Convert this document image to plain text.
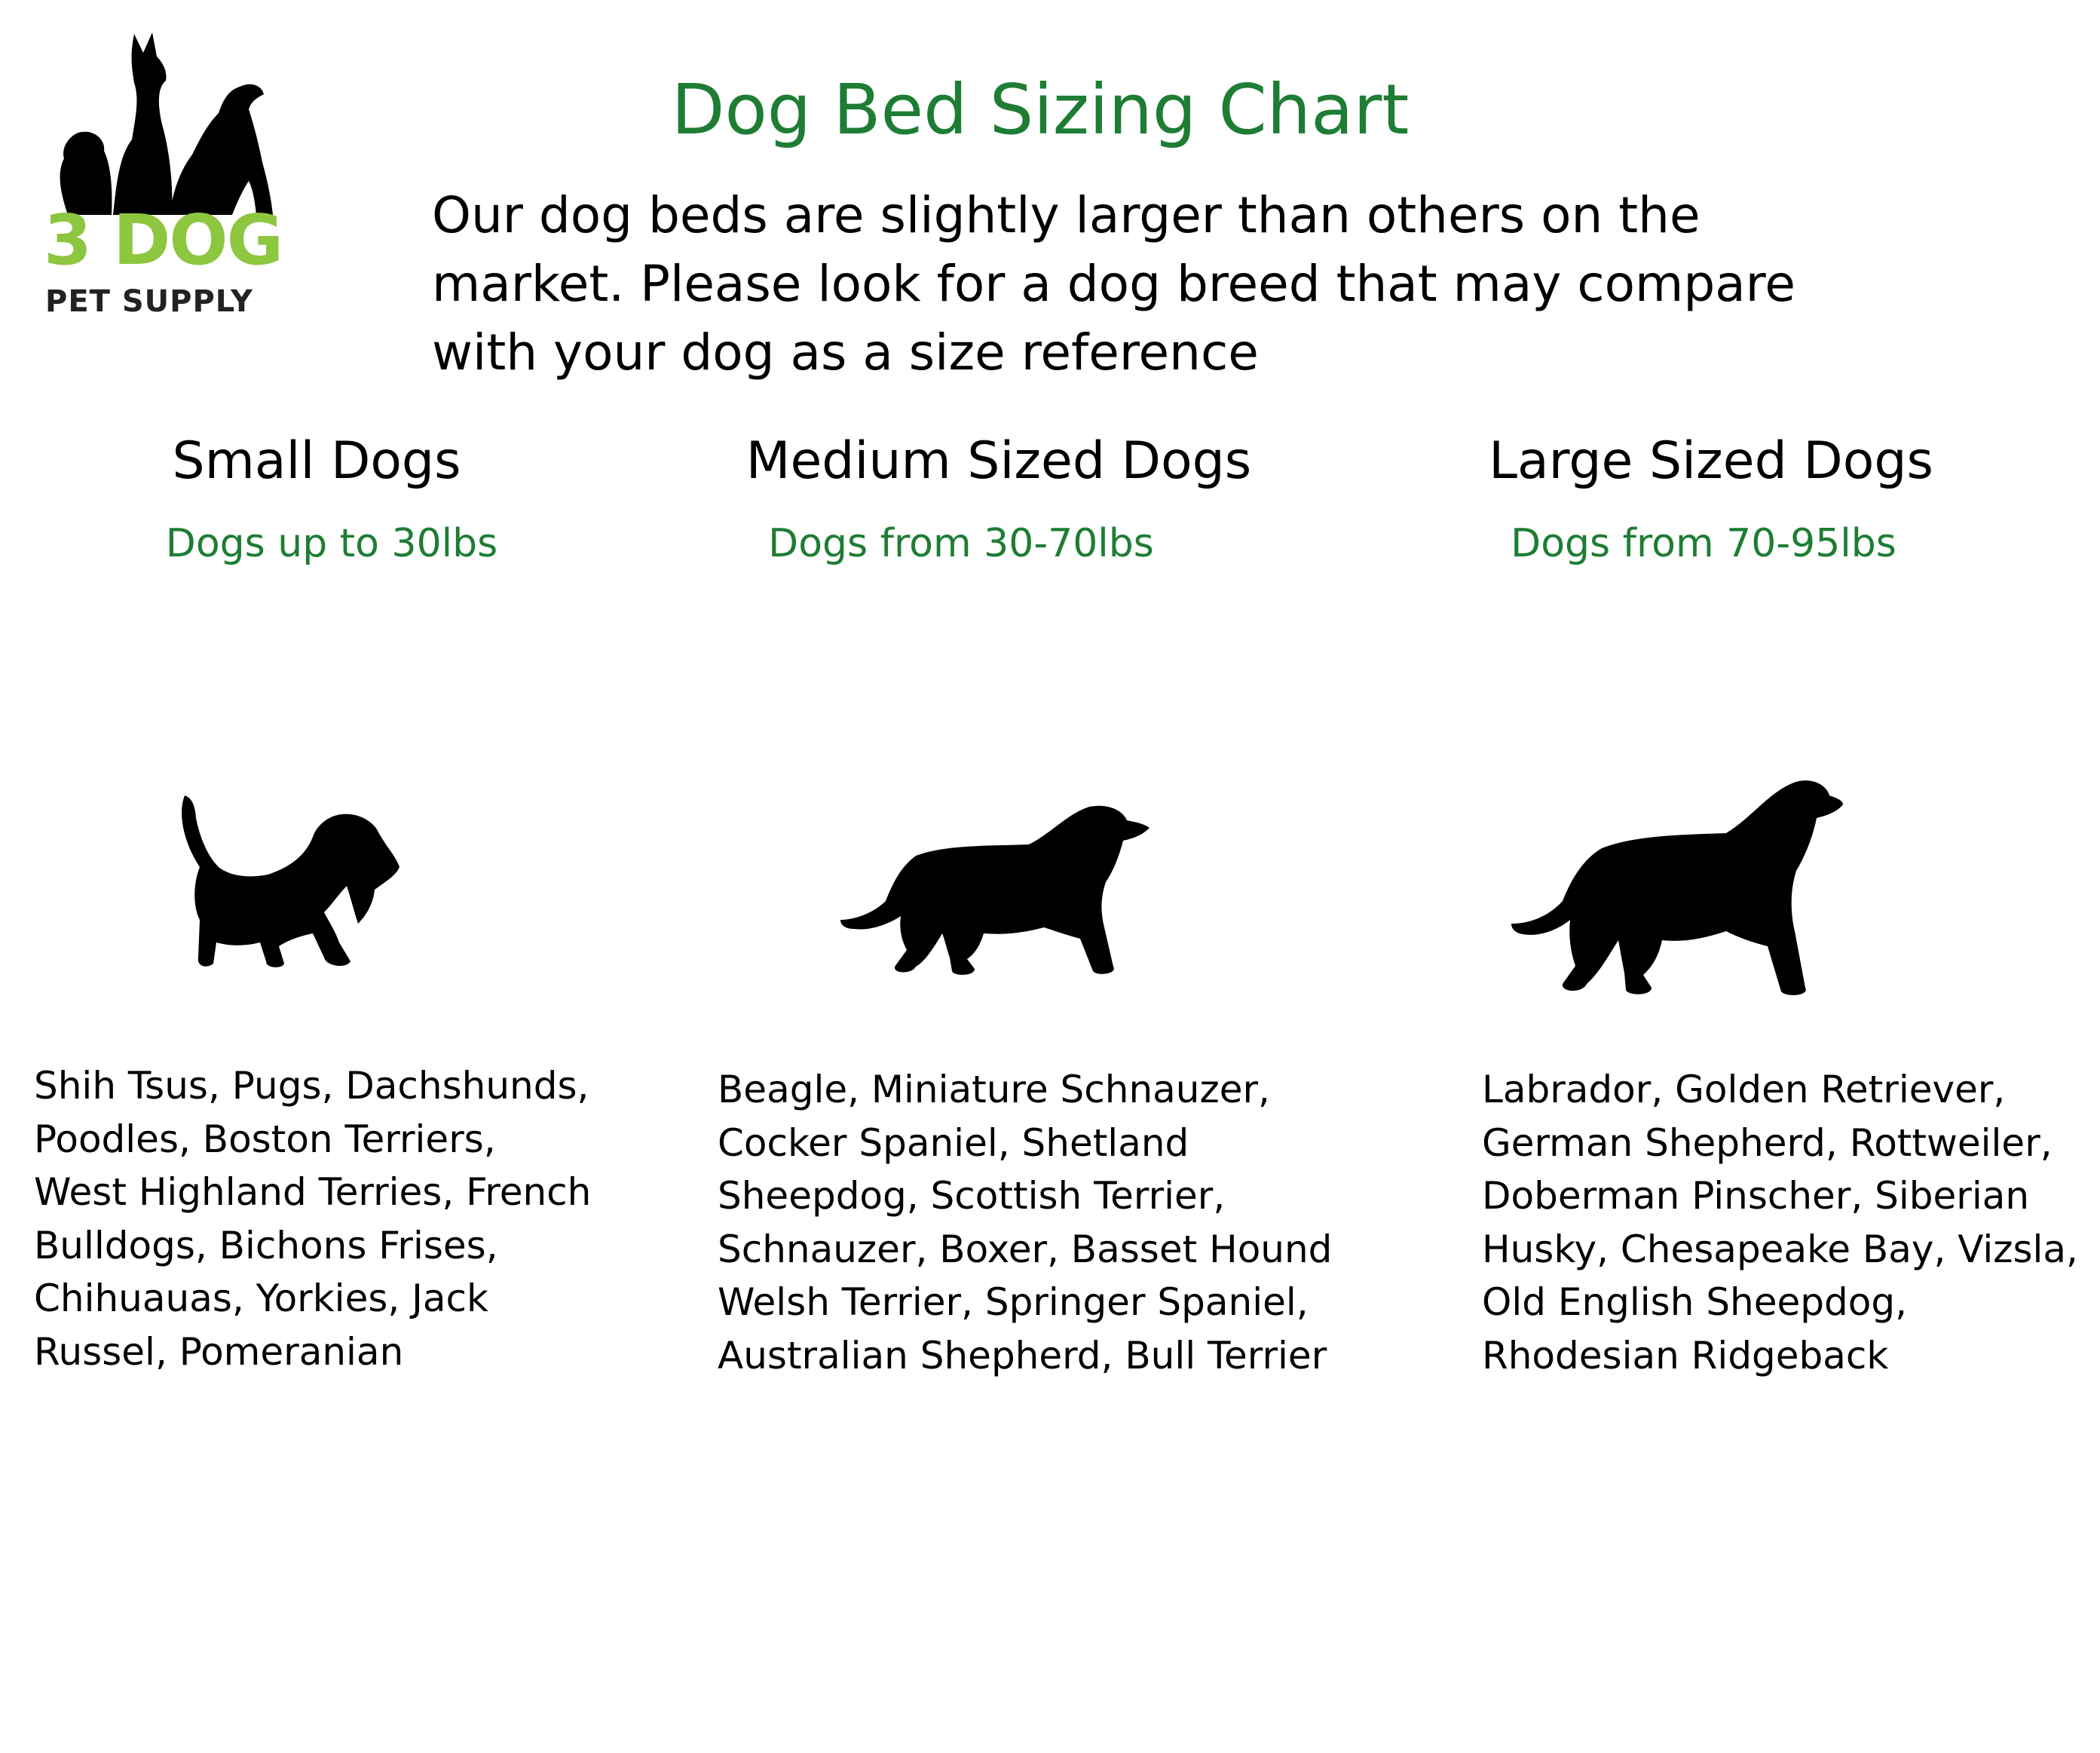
3 DOG
PET SUPPLY
Dog Bed Sizing Chart
Our dog beds are slightly larger than others on the
market. Please look for a dog breed that may compare
with your dog as a size reference
Small Dogs
Dogs up to 30lbs
Shih Tsus, Pugs, Dachshunds,
Poodles, Boston Terriers,
West Highland Terries, French
Bulldogs, Bichons Frises,
Chihuauas, Yorkies, Jack
Russel, Pomeranian
Medium Sized Dogs
Dogs from 30-70lbs
Beagle, Miniature Schnauzer,
Cocker Spaniel, Shetland
Sheepdog, Scottish Terrier,
Schnauzer, Boxer, Basset Hound
Welsh Terrier, Springer Spaniel,
Australian Shepherd, Bull Terrier
Large Sized Dogs
Dogs from 70-95lbs
Labrador, Golden Retriever,
German Shepherd, Rottweiler,
Doberman Pinscher, Siberian
Husky, Chesapeake Bay, Vizsla,
Old English Sheepdog,
Rhodesian Ridgeback
